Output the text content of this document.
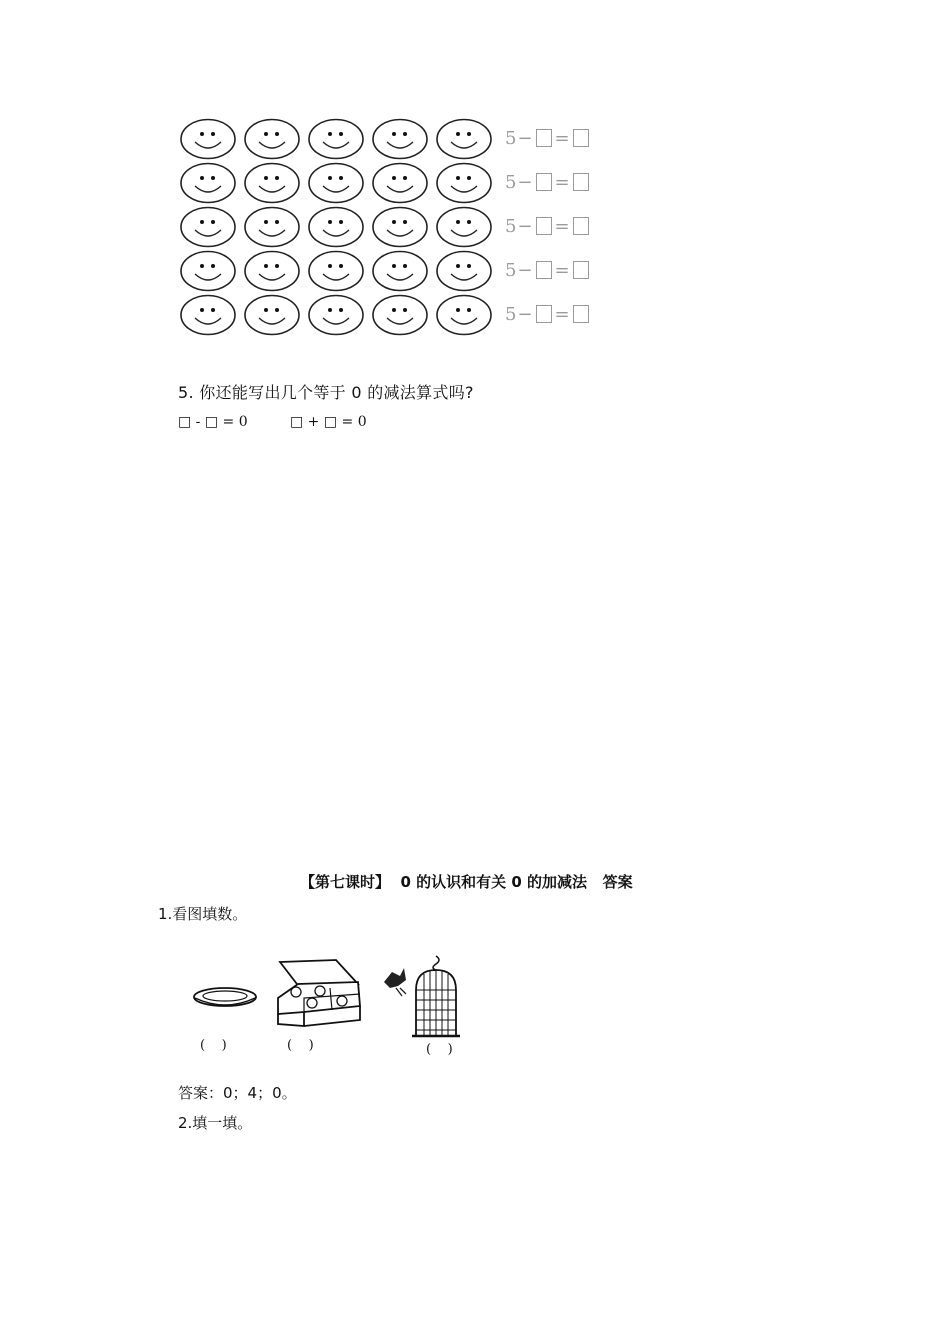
5 − =
5 − =
5 − =
5 − =
5 − =
5. 你还能写出几个等于 0 的减法算式吗?
□ - □ = 0	□ + □ = 0
【第七课时】  0 的认识和有关 0 的加减法   答案
1.看图填数。
(    )	(    )	(    )
答案：0；4；0。
2.填一填。
